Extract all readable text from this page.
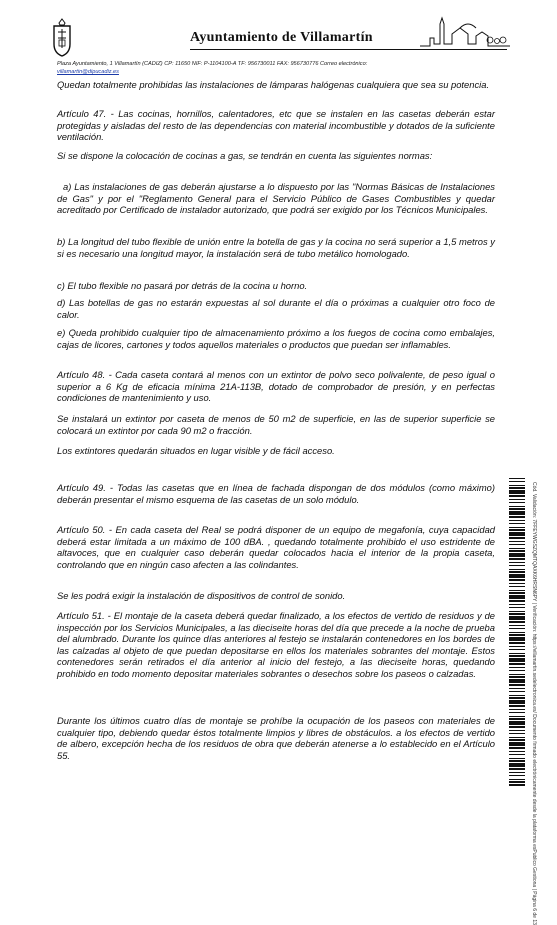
Ayuntamiento de Villamartín
Plaza Ayuntamiento, 1 Villamartín (CADIZ) CP: 11650 NIF: P-1104100-A TF: 956730011 FAX: 956730776 Correo electrónico:
villamartin@dipucadiz.es
Quedan totalmente prohibidas las instalaciones de lámparas halógenas cualquiera que sea su potencia.
Artículo 47. - Las cocinas, hornillos, calentadores, etc que se instalen en las casetas deberán estar protegidas y aisladas del resto de las dependencias con material incombustible y dotados de la suficiente ventilación.
Si se dispone la colocación de cocinas a gas, se tendrán en cuenta las siguientes normas:
a) Las instalaciones de gas deberán ajustarse a lo dispuesto por las "Normas Básicas de Instalaciones de Gas" y por el "Reglamento General para el Servicio Público de Gases Combustibles y quedar acreditado por Certificado de instalador autorizado, que podrá ser exigido por los Técnicos Municipales.
b) La longitud del tubo flexible de unión entre la botella de gas y la cocina no será superior a 1,5 metros y si es necesario una longitud mayor, la instalación será de tubo metálico homologado.
c) El tubo flexible no pasará por detrás de la cocina u horno.
d) Las botellas de gas no estarán expuestas al sol durante el día o próximas a cualquier otro foco de calor.
e) Queda prohibido cualquier tipo de almacenamiento próximo a los fuegos de cocina como embalajes, cajas de licores, cartones y todos aquellos materiales o productos que puedan ser inflamables.
Artículo 48. - Cada caseta contará al menos con un extintor de polvo seco polivalente, de peso igual o superior a 6 Kg de eficacia mínima 21A-113B, dotado de comprobador de presión, y en perfectas condiciones de mantenimiento y uso.
Se instalará un extintor por caseta de menos de 50 m2 de superficie, en las de superior superficie se colocará un extintor por cada 90 m2 o fracción.
Los extintores quedarán situados en lugar visible y de fácil acceso.
Artículo 49. - Todas las casetas que en línea de fachada dispongan de dos módulos (como máximo) deberán presentar el mismo esquema de las casetas de un solo módulo.
Artículo 50. - En cada caseta del Real se podrá disponer de un equipo de megafonía, cuya capacidad deberá estar limitada a un máximo de 100 dBA. , quedando totalmente prohibido el uso estridente de altavoces, que en cualquier caso deberán quedar colocados hacia el interior de la propia caseta, controlando que en ningún caso afecten a las colindantes.
Se les podrá exigir la instalación de dispositivos de control de sonido.
Artículo 51. - El montaje de la caseta deberá quedar finalizado, a los efectos de vertido de residuos y de inspección por los Servicios Municipales, a las dieciseite horas del día que precede a la noche de prueba del alumbrado. Durante los quince días anteriores al festejo se instalarán contenedores en los bordes de las calzadas al objeto de que puedan depositarse en ellos los materiales sobrantes del montaje. Estos contenedores serán retirados el día anterior al inicio del festejo, a las dieciseite horas, quedando prohibido en todo momento depositar materiales sobrantes o desechos sobre los paseos o calzadas.
Durante los últimos cuatro días de montaje se prohíbe la ocupación de los paseos con materiales de cualquier tipo, debiendo quedar éstos totalmente limpios y libres de obstáculos. a los efectos de vertido de albero, excepción hecha de los residuos de obra que deberán atenerse a lo establecido en el Artículo 55.	Cód. Validación: 7FFEYWGSZQMTQAXK6HRSN6PY | Verificación: https://villamartin.sedelectronica.es/ Documento firmado electrónicamente desde la plataforma esPublico Gestiona | Página 6 de 13
